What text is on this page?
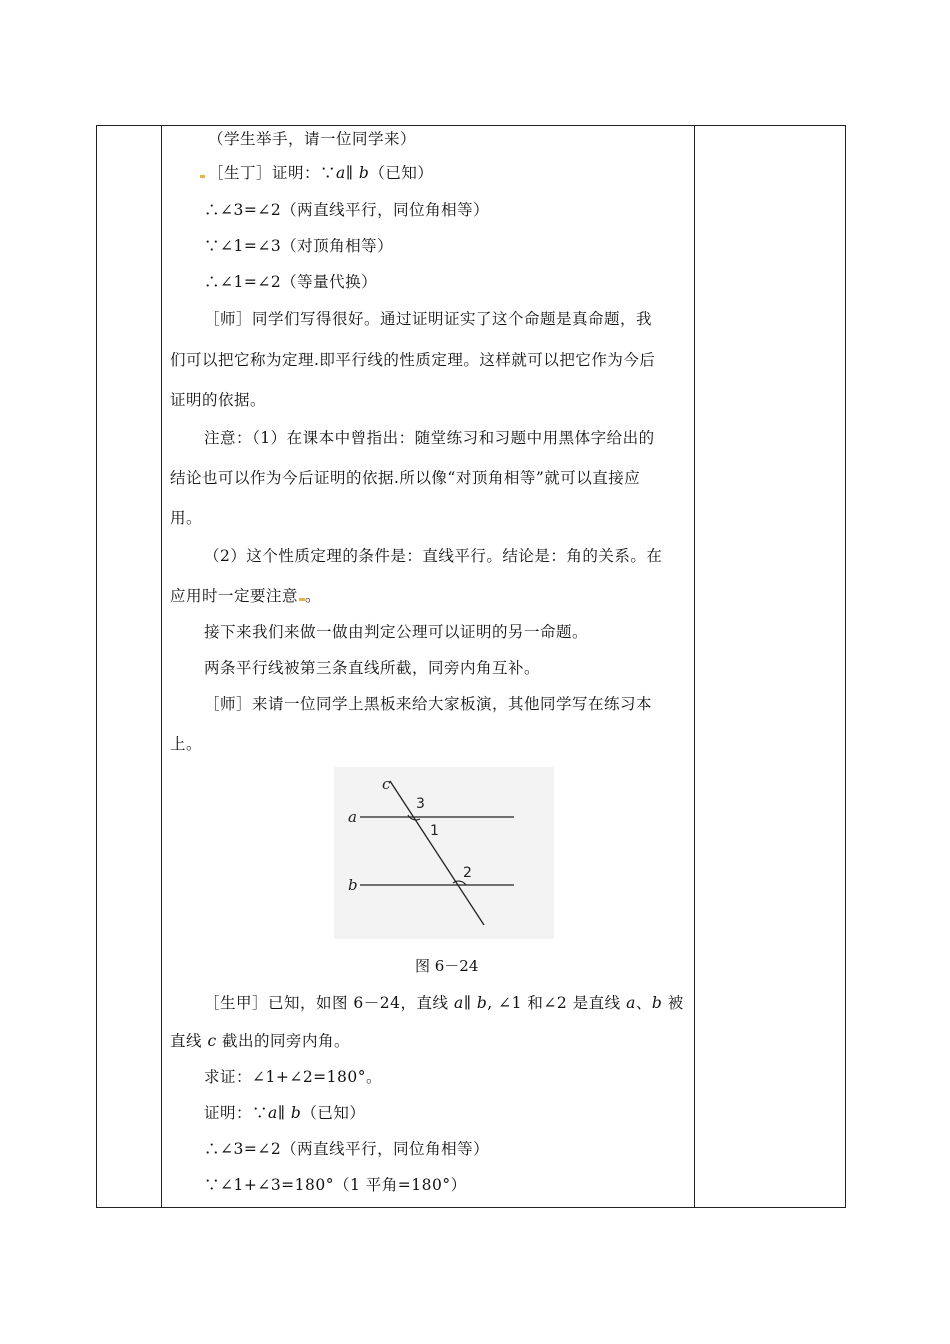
（学生举手，请一位同学来）
［生丁］证明：∵a∥ b（已知）
∴∠3=∠2（两直线平行，同位角相等）
∵∠1=∠3（对顶角相等）
∴∠1=∠2（等量代换）
［师］同学们写得很好。通过证明证实了这个命题是真命题，我
们可以把它称为定理.即平行线的性质定理。这样就可以把它作为今后
证明的依据。
注意：（1）在课本中曾指出：随堂练习和习题中用黑体字给出的
结论也可以作为今后证明的依据.所以像“对顶角相等”就可以直接应
用。
（2）这个性质定理的条件是：直线平行。结论是：角的关系。在
应用时一定要注意 。
接下来我们来做一做由判定公理可以证明的另一命题。
两条平行线被第三条直线所截，同旁内角互补。
［师］来请一位同学上黑板来给大家板演，其他同学写在练习本
上。
［生甲］已知，如图 6－24，直线 a∥ b, ∠1 和∠2 是直线 a、b 被
直线 c 截出的同旁内角。
求证：∠1+∠2=180°。
证明：∵a∥ b（已知）
∴∠3=∠2（两直线平行，同位角相等）
∵∠1+∠3=180°（1 平角=180°）
c
a
b
3
1
2
图 6－24
